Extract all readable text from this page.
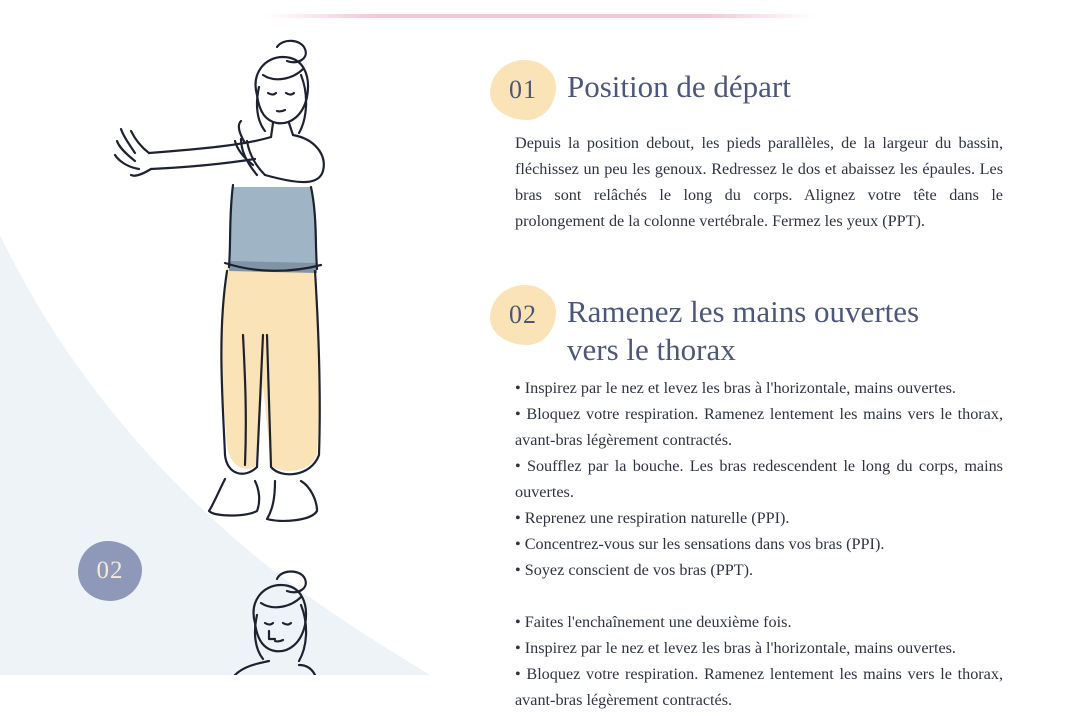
02
01 Position de départ

Depuis la position debout, les pieds parallèles, de la largeur du bassin, fléchissez un peu les genoux. Redressez le dos et abaissez les épaules. Les bras sont relâchés le long du corps. Alignez votre tête dans le prolongement de la colonne vertébrale. Fermez les yeux (PPT).

02 Ramenez les mains ouvertes
vers le thorax
• Inspirez par le nez et levez les bras à l'horizontale, mains ouvertes.
• Bloquez votre respiration. Ramenez lentement les mains vers le thorax, avant-bras légèrement contractés.
• Soufflez par la bouche. Les bras redescendent le long du corps, mains ouvertes.
• Reprenez une respiration naturelle (PPI).
• Concentrez-vous sur les sensations dans vos bras (PPI).
• Soyez conscient de vos bras (PPT).
• Faites l'enchaînement une deuxième fois.
• Inspirez par le nez et levez les bras à l'horizontale, mains ouvertes.
• Bloquez votre respiration. Ramenez lentement les mains vers le thorax, avant-bras légèrement contractés.
